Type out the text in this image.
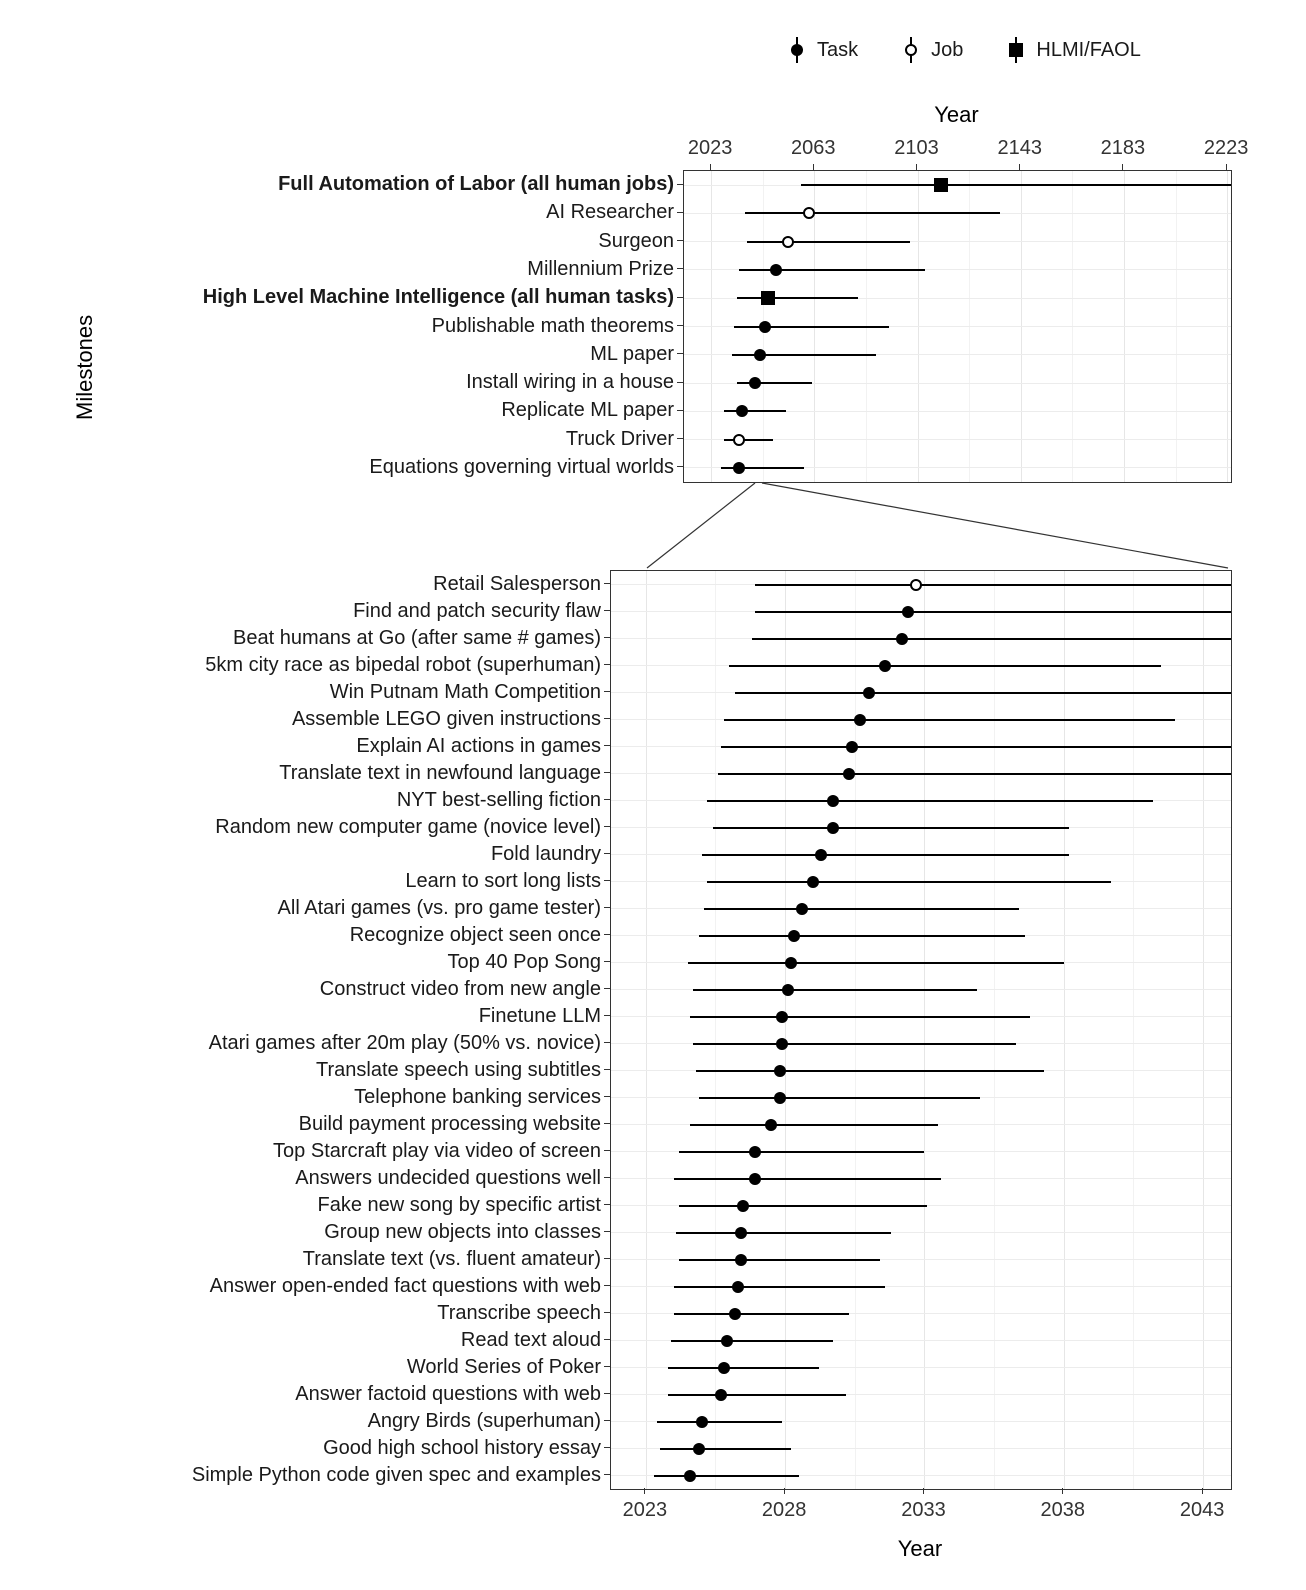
Task	Job	HLMI/FAOL
Year
Year
Milestones
Full Automation of Labor (all human jobs)
AI Researcher
Surgeon
Millennium Prize
High Level Machine Intelligence (all human tasks)
Publishable math theorems
ML paper
Install wiring in a house
Replicate ML paper
Truck Driver
Equations governing virtual worlds
2023	2063	2103	2143	2183	2223
Retail Salesperson
Find and patch security flaw
Beat humans at Go (after same # games)
5km city race as bipedal robot (superhuman)
Win Putnam Math Competition
Assemble LEGO given instructions
Explain AI actions in games
Translate text in newfound language
NYT best-selling fiction
Random new computer game (novice level)
Fold laundry
Learn to sort long lists
All Atari games (vs. pro game tester)
Recognize object seen once
Top 40 Pop Song
Construct video from new angle
Finetune LLM
Atari games after 20m play (50% vs. novice)
Translate speech using subtitles
Telephone banking services
Build payment processing website
Top Starcraft play via video of screen
Answers undecided questions well
Fake new song by specific artist
Group new objects into classes
Translate text (vs. fluent amateur)
Answer open-ended fact questions with web
Transcribe speech
Read text aloud
World Series of Poker
Answer factoid questions with web
Angry Birds (superhuman)
Good high school history essay
Simple Python code given spec and examples
2023	2028	2033	2038	2043
